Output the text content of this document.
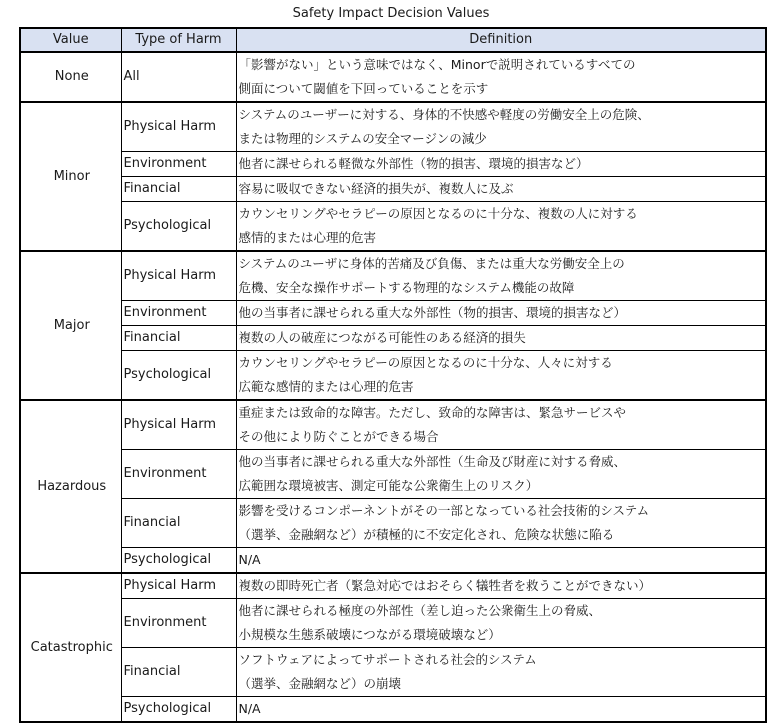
Safety Impact Decision Values
Value	Type of Harm	Definition
None	All	「影響がない」という意味ではなく、Minorで説明されているすべての
側面について閾値を下回っていることを示す

Minor	Physical Harm	システムのユーザーに対する、身体的不快感や軽度の労働安全上の危険、
または物理的システムの安全マージンの減少

	Environment	他者に課せられる軽微な外部性（物的損害、環境的損害など）

	Financial	容易に吸収できない経済的損失が、複数人に及ぶ

	Psychological	カウンセリングやセラピーの原因となるのに十分な、複数の人に対する
感情的または心理的危害

Major	Physical Harm	システムのユーザに身体的苦痛及び負傷、または重大な労働安全上の
危機、安全な操作サポートする物理的なシステム機能の故障

	Environment	他の当事者に課せられる重大な外部性（物的損害、環境的損害など）

	Financial	複数の人の破産につながる可能性のある経済的損失

	Psychological	カウンセリングやセラピーの原因となるのに十分な、人々に対する
広範な感情的または心理的危害

Hazardous	Physical Harm	重症または致命的な障害。ただし、致命的な障害は、緊急サービスや
その他により防ぐことができる場合

	Environment	他の当事者に課せられる重大な外部性（生命及び財産に対する脅威、
広範囲な環境被害、測定可能な公衆衛生上のリスク）

	Financial	影響を受けるコンポーネントがその一部となっている社会技術的システム
（選挙、金融網など）が積極的に不安定化され、危険な状態に陥る

	Psychological	N/A

Catastrophic	Physical Harm	複数の即時死亡者（緊急対応ではおそらく犠牲者を救うことができない）

	Environment	他者に課せられる極度の外部性（差し迫った公衆衛生上の脅威、
小規模な生態系破壊につながる環境破壊など）

	Financial	ソフトウェアによってサポートされる社会的システム
（選挙、金融網など）の崩壊

	Psychological	N/A
